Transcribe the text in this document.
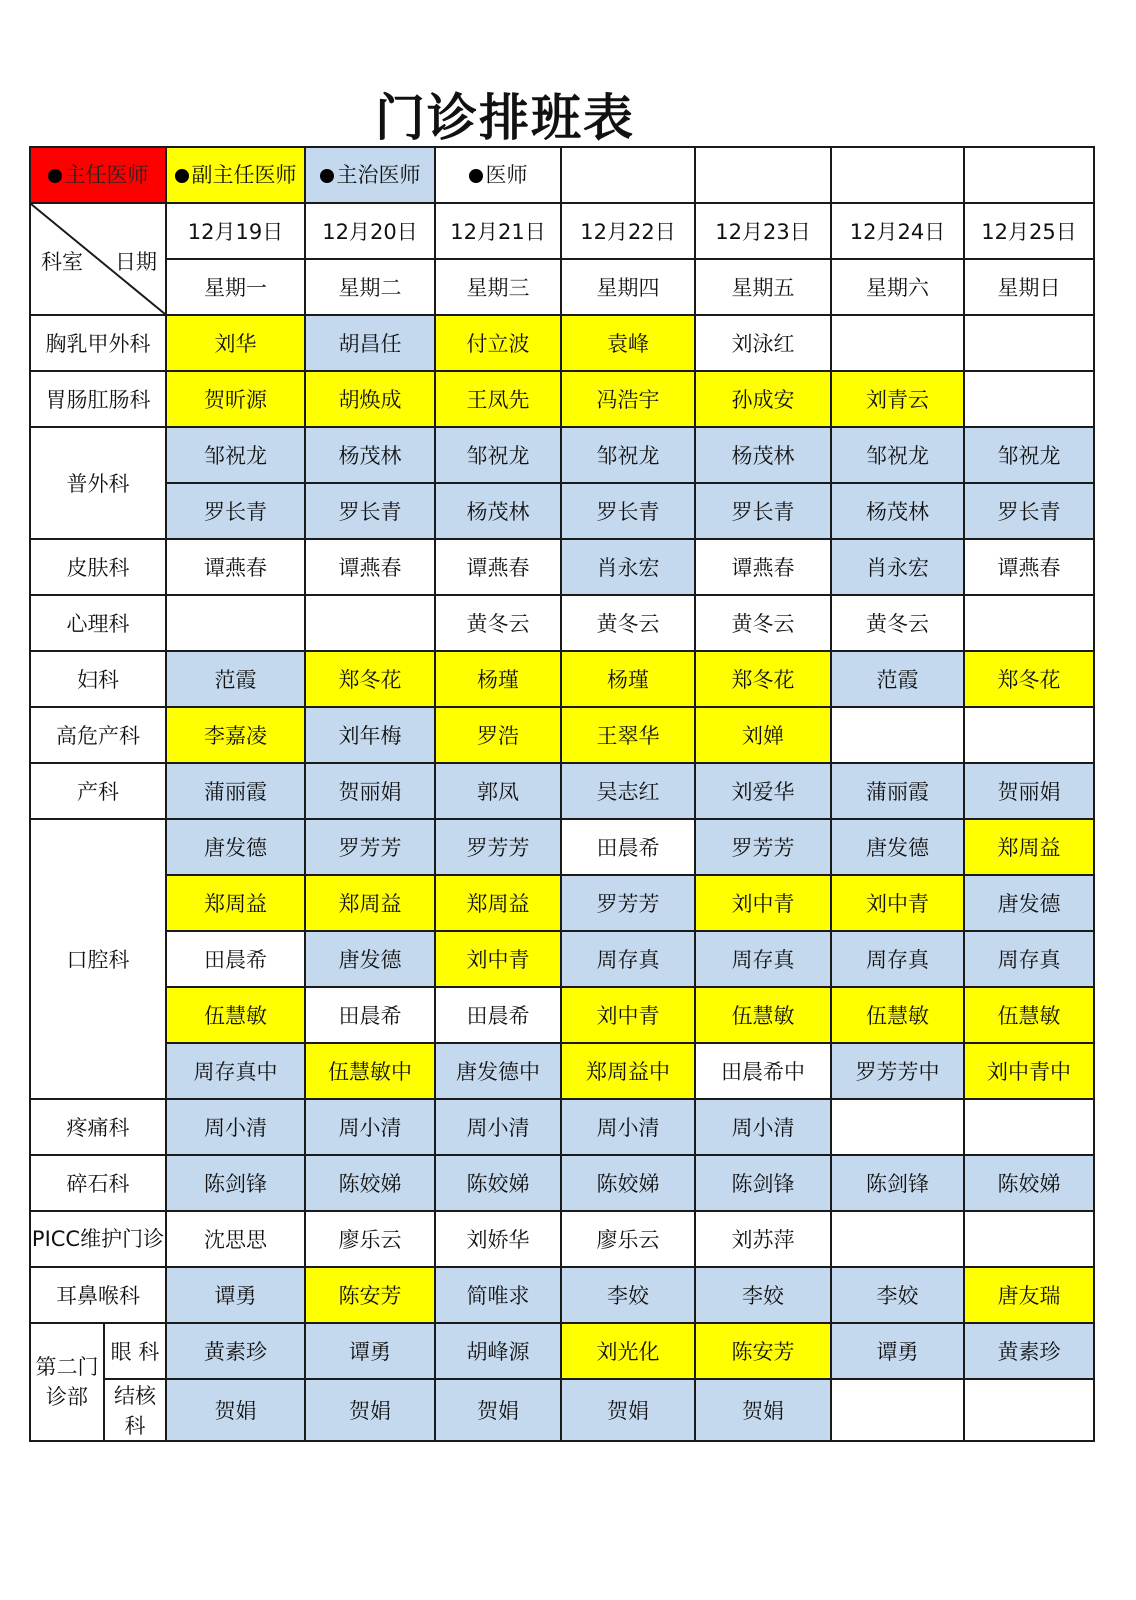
门诊排班表
主任医师		副主任医师	主治医师	医师				

科室 日期		12月19日	12月20日	12月21日	12月22日	12月23日	12月24日	12月25日
		星期一	星期二	星期三	星期四	星期五	星期六	星期日
胸乳甲外科		刘华	胡昌任	付立波	袁峰	刘泳红		
胃肠肛肠科		贺昕源	胡焕成	王凤先	冯浩宇	孙成安	刘青云	
普外科		邹祝龙	杨茂林	邹祝龙	邹祝龙	杨茂林	邹祝龙	邹祝龙
		罗长青	罗长青	杨茂林	罗长青	罗长青	杨茂林	罗长青
皮肤科		谭燕春	谭燕春	谭燕春	肖永宏	谭燕春	肖永宏	谭燕春
心理科				黄冬云	黄冬云	黄冬云	黄冬云	
妇科		范霞	郑冬花	杨瑾	杨瑾	郑冬花	范霞	郑冬花
高危产科		李嘉凌	刘年梅	罗浩	王翠华	刘婵		
产科		蒲丽霞	贺丽娟	郭凤	吴志红	刘爱华	蒲丽霞	贺丽娟
口腔科		唐发德	罗芳芳	罗芳芳	田晨希	罗芳芳	唐发德	郑周益
		郑周益	郑周益	郑周益	罗芳芳	刘中青	刘中青	唐发德
		田晨希	唐发德	刘中青	周存真	周存真	周存真	周存真
		伍慧敏	田晨希	田晨希	刘中青	伍慧敏	伍慧敏	伍慧敏
		周存真中	伍慧敏中	唐发德中	郑周益中	田晨希中	罗芳芳中	刘中青中
疼痛科		周小清	周小清	周小清	周小清	周小清		
碎石科		陈剑锋	陈姣娣	陈姣娣	陈姣娣	陈剑锋	陈剑锋	陈姣娣
PICC维护门诊		沈思思	廖乐云	刘娇华	廖乐云	刘苏萍		
耳鼻喉科		谭勇	陈安芳	简唯求	李姣	李姣	李姣	唐友瑞
第二门诊部	眼 科	黄素珍	谭勇	胡峰源	刘光化	陈安芳	谭勇	黄素珍
	结核科	贺娟	贺娟	贺娟	贺娟	贺娟		
